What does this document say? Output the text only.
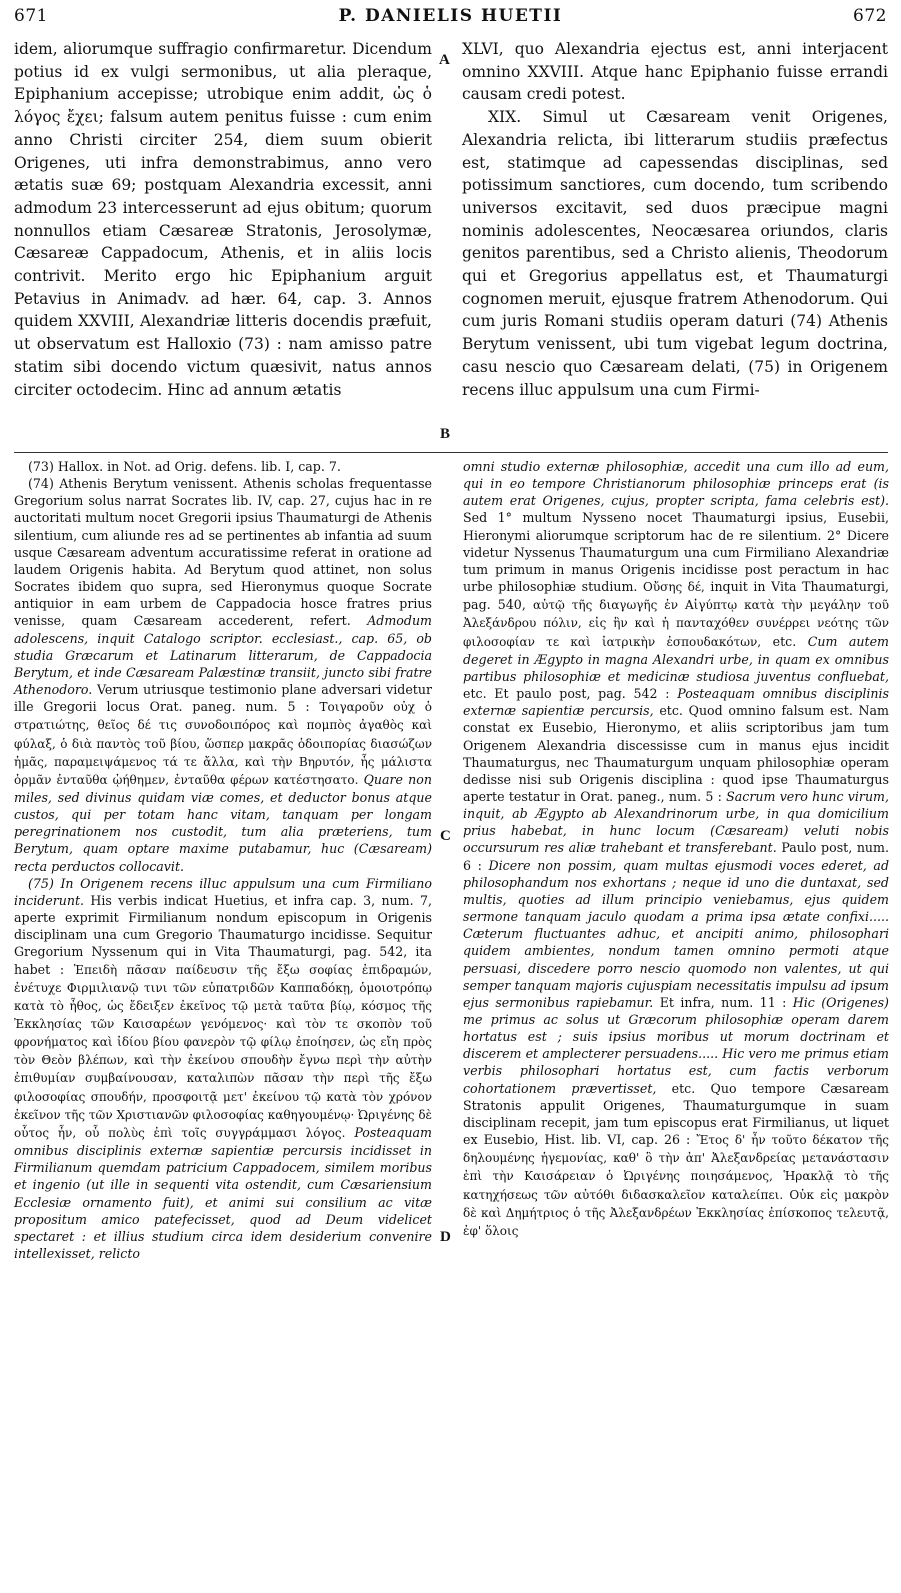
671	P. DANIELIS HUETII	672

idem, aliorumque suffragio confirmaretur. Dicendum potius id ex vulgi sermonibus, ut alia pleraque, Epiphanium accepisse; utrobique enim addit, ὡς ὁ λόγος ἔχει; falsum autem penitus fuisse : cum enim anno Christi circiter 254, diem suum obierit Origenes, uti infra demonstrabimus, anno vero ætatis suæ 69; postquam Alexandria excessit, anni admodum 23 intercesserunt ad ejus obitum; quorum nonnullos etiam Cæsareæ Stratonis, Jerosolymæ, Cæsareæ Cappadocum, Athenis, et in aliis locis contrivit. Merito ergo hic Epiphanium arguit Petavius in Animadv. ad hær. 64, cap. 3. Annos quidem XXVIII, Alexandriæ litteris docendis præfuit, ut observatum est Halloxio (73) : nam amisso patre statim sibi docendo victum quæsivit, natus annos circiter octodecim. Hinc ad annum ætatis

A
B

XLVI, quo Alexandria ejectus est, anni interjacent omnino XXVIII. Atque hanc Epiphanio fuisse errandi causam credi potest.

XIX. Simul ut Cæsaream venit Origenes, Alexandria relicta, ibi litterarum studiis præfectus est, statimque ad capessendas disciplinas, sed potissimum sanctiores, cum docendo, tum scribendo universos excitavit, sed duos præcipue magni nominis adolescentes, Neocæsarea oriundos, claris genitos parentibus, sed a Christo alienis, Theodorum qui et Gregorius appellatus est, et Thaumaturgi cognomen meruit, ejusque fratrem Athenodorum. Qui cum juris Romani studiis operam daturi (74) Athenis Berytum venissent, ubi tum vigebat legum doctrina, casu nescio quo Cæsaream delati, (75) in Origenem recens illuc appulsum una cum Firmi-

(73) Hallox. in Not. ad Orig. defens. lib. I, cap. 7.

(74) Athenis Berytum venissent. Athenis scholas frequentasse Gregorium solus narrat Socrates lib. IV, cap. 27, cujus hac in re auctoritati multum nocet Gregorii ipsius Thaumaturgi de Athenis silentium, cum aliunde res ad se pertinentes ab infantia ad suum usque Cæsaream adventum accuratissime referat in oratione ad laudem Origenis habita. Ad Berytum quod attinet, non solus Socrates ibidem quo supra, sed Hieronymus quoque Socrate antiquior in eam urbem de Cappadocia hosce fratres prius venisse, quam Cæsaream accederent, refert. Admodum adolescens, inquit Catalogo scriptor. ecclesiast., cap. 65, ob studia Græcarum et Latinarum litterarum, de Cappadocia Berytum, et inde Cæsaream Palæstinæ transiit, juncto sibi fratre Athenodoro. Verum utriusque testimonio plane adversari videtur ille Gregorii locus Orat. paneg. num. 5 : Τοιγαροῦν οὐχ ὁ στρατιώτης, θεῖος δέ τις συνοδοιπόρος καὶ πομπὸς ἀγαθὸς καὶ φύλαξ, ὁ διὰ παντὸς τοῦ βίου, ὥσπερ μακρᾶς ὁδοιπορίας διασώζων ἡμᾶς, παραμειψάμενος τά τε ἄλλα, καὶ τὴν Βηρυτόν, ἧς μάλιστα ὁρμᾶν ἐνταῦθα ᾠήθημεν, ἐνταῦθα φέρων κατέστησατο. Quare non miles, sed divinus quidam viæ comes, et deductor bonus atque custos, qui per totam hanc vitam, tanquam per longam peregrinationem nos custodit, tum alia præteriens, tum Berytum, quam optare maxime putabamur, huc (Cæsaream) recta perductos collocavit.

(75) In Origenem recens illuc appulsum una cum Firmiliano inciderunt. His verbis indicat Huetius, et infra cap. 3, num. 7, aperte exprimit Firmilianum nondum episcopum in Origenis disciplinam una cum Gregorio Thaumaturgo incidisse. Sequitur Gregorium Nyssenum qui in Vita Thaumaturgi, pag. 542, ita habet : Ἐπειδὴ πᾶσαν παίδευσιν τῆς ἔξω σοφίας ἐπιδραμών, ἐνέτυχε Φιρμιλιανῷ τινι τῶν εὐπατριδῶν Καππαδόκῃ, ὁμοιοτρόπῳ κατὰ τὸ ἦθος, ὡς ἔδειξεν ἐκεῖνος τῷ μετὰ ταῦτα βίῳ, κόσμος τῆς Ἐκκλησίας τῶν Καισαρέων γενόμενος· καὶ τὸν τε σκοπὸν τοῦ φρονήματος καὶ ἰδίου βίου φανερὸν τῷ φίλῳ ἐποίησεν, ὡς εἴη πρὸς τὸν Θεὸν βλέπων, καὶ τὴν ἐκείνου σπουδὴν ἔγνω περὶ τὴν αὐτὴν ἐπιθυμίαν συμβαίνουσαν, καταλιπὼν πᾶσαν τὴν περὶ τῆς ἔξω φιλοσοφίας σπουδήν, προσφοιτᾷ μετ' ἐκείνου τῷ κατὰ τὸν χρόνον ἐκεῖνον τῆς τῶν Χριστιανῶν φιλοσοφίας καθηγουμένῳ· Ὠριγένης δὲ οὗτος ἦν, οὗ πολὺς ἐπὶ τοῖς συγγράμμασι λόγος. Posteaquam omnibus disciplinis externæ sapientiæ percursis incidisset in Firmilianum quemdam patricium Cappadocem, similem moribus et ingenio (ut ille in sequenti vita ostendit, cum Cæsariensium Ecclesiæ ornamento fuit), et animi sui consilium ac vitæ propositum amico patefecisset, quod ad Deum videlicet spectaret : et illius studium circa idem desiderium convenire intellexisset, relicto

C
D

omni studio externæ philosophiæ, accedit una cum illo ad eum, qui in eo tempore Christianorum philosophiæ princeps erat (is autem erat Origenes, cujus, propter scripta, fama celebris est). Sed 1° multum Nysseno nocet Thaumaturgi ipsius, Eusebii, Hieronymi aliorumque scriptorum hac de re silentium. 2° Dicere videtur Nyssenus Thaumaturgum una cum Firmiliano Alexandriæ tum primum in manus Origenis incidisse post peractum in hac urbe philosophiæ studium. Οὔσης δέ, inquit in Vita Thaumaturgi, pag. 540, αὐτῷ τῆς διαγωγῆς ἐν Αἰγύπτῳ κατὰ τὴν μεγάλην τοῦ Ἀλεξάνδρου πόλιν, εἰς ἣν καὶ ἡ πανταχόθεν συνέρρει νεότης τῶν φιλοσοφίαν τε καὶ ἰατρικὴν ἐσπουδακότων, etc. Cum autem degeret in Ægypto in magna Alexandri urbe, in quam ex omnibus partibus philosophiæ et medicinæ studiosa juventus confluebat, etc. Et paulo post, pag. 542 : Posteaquam omnibus disciplinis externæ sapientiæ percursis, etc. Quod omnino falsum est. Nam constat ex Eusebio, Hieronymo, et aliis scriptoribus jam tum Origenem Alexandria discessisse cum in manus ejus incidit Thaumaturgus, nec Thaumaturgum unquam philosophiæ operam dedisse nisi sub Origenis disciplina : quod ipse Thaumaturgus aperte testatur in Orat. paneg., num. 5 : Sacrum vero hunc virum, inquit, ab Ægypto ab Alexandrinorum urbe, in qua domicilium prius habebat, in hunc locum (Cæsaream) veluti nobis occursurum res aliæ trahebant et transferebant. Paulo post, num. 6 : Dicere non possim, quam multas ejusmodi voces ederet, ad philosophandum nos exhortans ; neque id uno die duntaxat, sed multis, quoties ad illum principio veniebamus, ejus quidem sermone tanquam jaculo quodam a prima ipsa ætate confixi..... Cæterum fluctuantes adhuc, et ancipiti animo, philosophari quidem ambientes, nondum tamen omnino permoti atque persuasi, discedere porro nescio quomodo non valentes, ut qui semper tanquam majoris cujuspiam necessitatis impulsu ad ipsum ejus sermonibus rapiebamur. Et infra, num. 11 : Hic (Origenes) me primus ac solus ut Græcorum philosophiæ operam darem hortatus est ; suis ipsius moribus ut morum doctrinam et discerem et amplecterer persuadens..... Hic vero me primus etiam verbis philosophari hortatus est, cum factis verborum cohortationem prævertisset, etc. Quo tempore Cæsaream Stratonis appulit Origenes, Thaumaturgumque in suam disciplinam recepit, jam tum episcopus erat Firmilianus, ut liquet ex Eusebio, Hist. lib. VI, cap. 26 : Ἔτος δ' ἦν τοῦτο δέκατον τῆς δηλουμένης ἡγεμονίας, καθ' ὃ τὴν ἀπ' Ἀλεξανδρείας μετανάστασιν ἐπὶ τὴν Καισάρειαν ὁ Ὠριγένης ποιησάμενος, Ἡρακλᾷ τὸ τῆς κατηχήσεως τῶν αὐτόθι διδασκαλεῖον καταλείπει. Οὐκ εἰς μακρὸν δὲ καὶ Δημήτριος ὁ τῆς Ἀλεξανδρέων Ἐκκλησίας ἐπίσκοπος τελευτᾷ, ἐφ' ὅλοις
